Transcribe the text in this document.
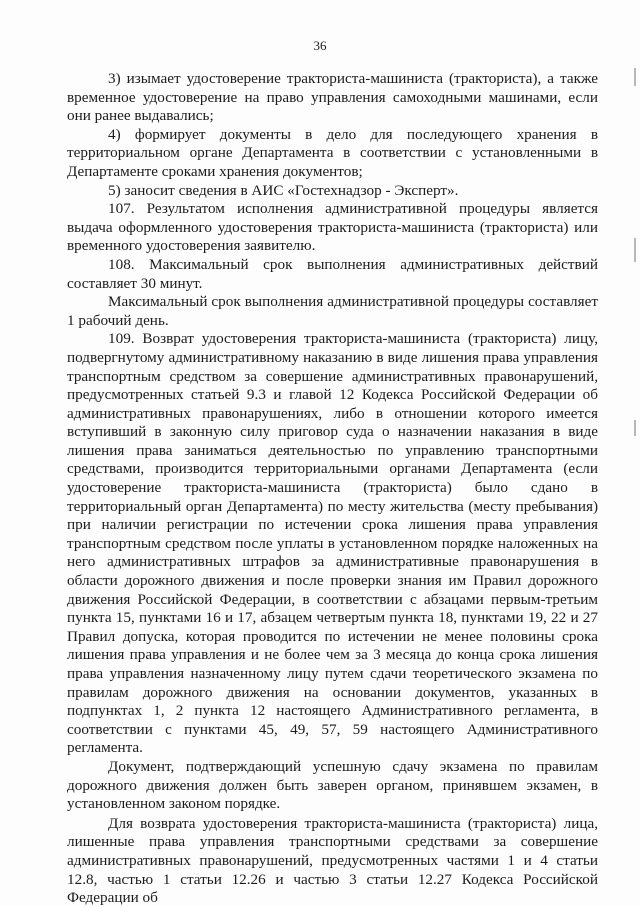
36

3) изымает удостоверение тракториста-машиниста (тракториста), а также временное удостоверение на право управления самоходными машинами, если они ранее выдавались;

4) формирует документы в дело для последующего хранения в территориальном органе Департамента в соответствии с установленными в Департаменте сроками хранения документов;

5) заносит сведения в АИС «Гостехнадзор - Эксперт».

107. Результатом исполнения административной процедуры является выдача оформленного удостоверения тракториста-машиниста (тракториста) или временного удостоверения заявителю.

108. Максимальный срок выполнения административных действий составляет 30 минут.

Максимальный срок выполнения административной процедуры составляет 1 рабочий день.

109. Возврат удостоверения тракториста-машиниста (тракториста) лицу, подвергнутому административному наказанию в виде лишения права управления транспортным средством за совершение административных правонарушений, предусмотренных статьей 9.3 и главой 12 Кодекса Российской Федерации об административных правонарушениях, либо в отношении которого имеется вступивший в законную силу приговор суда о назначении наказания в виде лишения права заниматься деятельностью по управлению транспортными средствами, производится территориальными органами Департамента (если удостоверение тракториста-машиниста (тракториста) было сдано в территориальный орган Департамента) по месту жительства (месту пребывания) при наличии регистрации по истечении срока лишения права управления транспортным средством после уплаты в установленном порядке наложенных на него административных штрафов за административные правонарушения в области дорожного движения и после проверки знания им Правил дорожного движения Российской Федерации, в соответствии с абзацами первым-третьим пункта 15, пунктами 16 и 17, абзацем четвертым пункта 18, пунктами 19, 22 и 27 Правил допуска, которая проводится по истечении не менее половины срока лишения права управления и не более чем за 3 месяца до конца срока лишения права управления назначенному лицу путем сдачи теоретического экзамена по правилам дорожного движения на основании документов, указанных в подпунктах 1, 2 пункта 12 настоящего Административного регламента, в соответствии с пунктами 45, 49, 57, 59 настоящего Административного регламента.

Документ, подтверждающий успешную сдачу экзамена по правилам дорожного движения должен быть заверен органом, принявшем экзамен, в установленном законом порядке.

Для возврата удостоверения тракториста-машиниста (тракториста) лица, лишенные права управления транспортными средствами за совершение административных правонарушений, предусмотренных частями 1 и 4 статьи 12.8, частью 1 статьи 12.26 и частью 3 статьи 12.27 Кодекса Российской Федерации об
